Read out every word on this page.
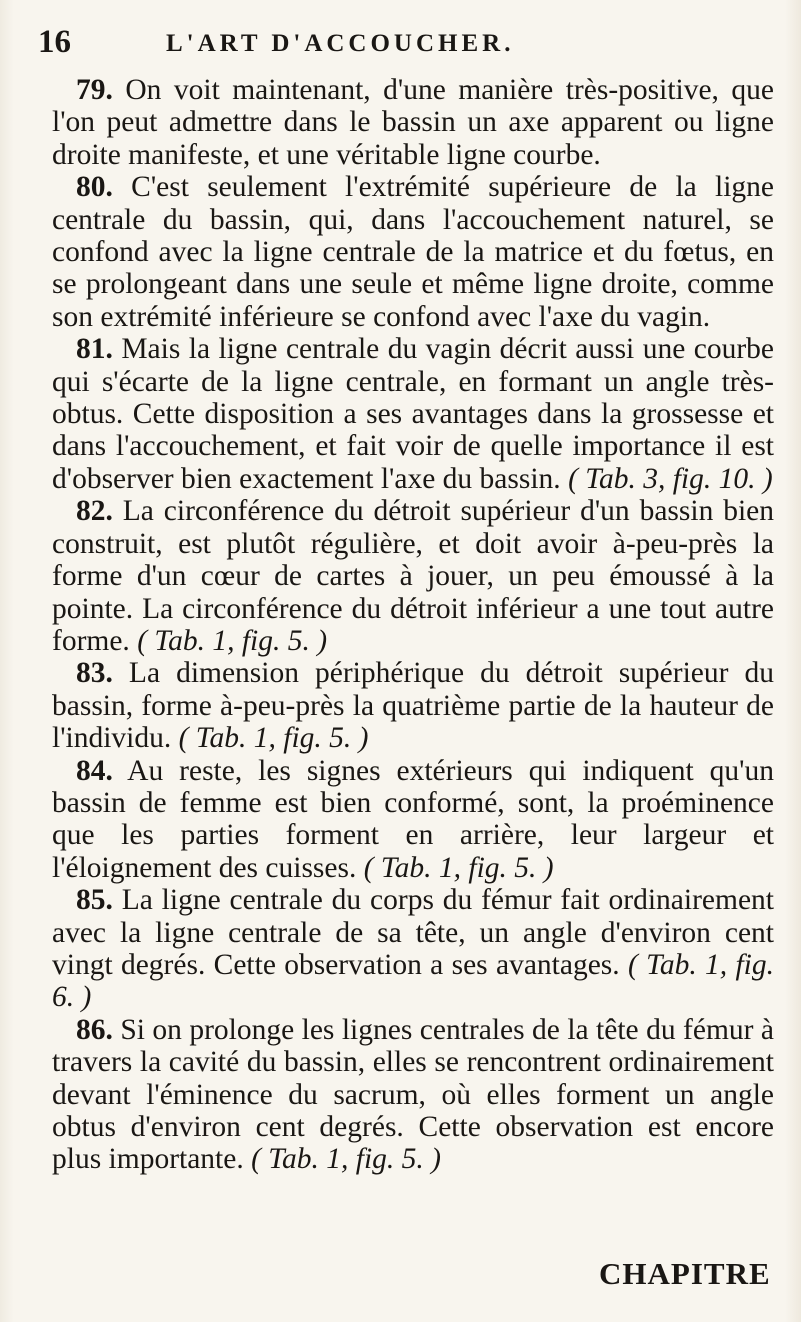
16	L'ART D'ACCOUCHER.

79. On voit maintenant, d'une manière très-positive, que l'on peut admettre dans le bassin un axe apparent ou ligne droite manifeste, et une véritable ligne courbe.

80. C'est seulement l'extrémité supérieure de la ligne centrale du bassin, qui, dans l'accouchement naturel, se confond avec la ligne centrale de la matrice et du fœtus, en se prolongeant dans une seule et même ligne droite, comme son extrémité inférieure se confond avec l'axe du vagin.

81. Mais la ligne centrale du vagin décrit aussi une courbe qui s'écarte de la ligne centrale, en formant un angle très-obtus. Cette disposition a ses avantages dans la grossesse et dans l'accouchement, et fait voir de quelle importance il est d'observer bien exactement l'axe du bassin. ( Tab. 3, fig. 10. )

82. La circonférence du détroit supérieur d'un bassin bien construit, est plutôt régulière, et doit avoir à-peu-près la forme d'un cœur de cartes à jouer, un peu émoussé à la pointe. La circonférence du détroit inférieur a une tout autre forme. ( Tab. 1, fig. 5. )

83. La dimension périphérique du détroit supérieur du bassin, forme à-peu-près la quatrième partie de la hauteur de l'individu. ( Tab. 1, fig. 5. )

84. Au reste, les signes extérieurs qui indiquent qu'un bassin de femme est bien conformé, sont, la proéminence que les parties forment en arrière, leur largeur et l'éloignement des cuisses. ( Tab. 1, fig. 5. )

85. La ligne centrale du corps du fémur fait ordinairement avec la ligne centrale de sa tête, un angle d'environ cent vingt degrés. Cette observation a ses avantages. ( Tab. 1, fig. 6. )

86. Si on prolonge les lignes centrales de la tête du fémur à travers la cavité du bassin, elles se rencontrent ordinairement devant l'éminence du sacrum, où elles forment un angle obtus d'environ cent degrés. Cette observation est encore plus importante. ( Tab. 1, fig. 5. )

CHAPITRE
